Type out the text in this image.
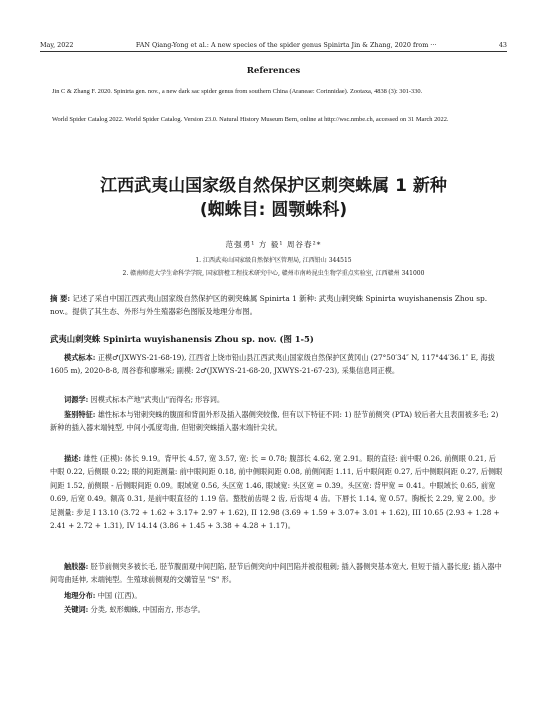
May, 2022	FAN Qiang-Yong et al.: A new species of the spider genus Spinirta Jin & Zhang, 2020 from ···	43
References
Jin C & Zhang F. 2020. Spinirta gen. nov., a new dark sac spider genus from southern China (Araneae: Corinnidae). Zootaxa, 4838 (3): 301-330.
World Spider Catalog 2022. World Spider Catalog. Version 23.0. Natural History Museum Bern, online at http://wsc.nmbe.ch, accessed on 31 March 2022.
江西武夷山国家级自然保护区刺突蛛属 1 新种
(蜘蛛目: 圆颚蛛科)
范强勇¹ 方 毅¹ 周谷春²*
1. 江西武夷山国家级自然保护区管理局, 江西铅山 344515
2. 赣南师范大学生命科学学院, 国家脐橙工程技术研究中心, 赣州市南岭昆虫生物学重点实验室, 江西赣州 341000
摘 要: 记述了采自中国江西武夷山国家级自然保护区的刺突蛛属 Spinirta 1 新种: 武夷山刺突蛛 Spinirta wuyishanensis Zhou sp. nov.。提供了其生态、外形与外生殖器彩色图版及地理分布图。
武夷山刺突蛛 Spinirta wuyishanensis Zhou sp. nov. (图 1-5)

模式标本: 正模♂(JXWYS-21-68-19), 江西省上饶市铅山县江西武夷山国家级自然保护区黄冈山 (27°50′34″ N, 117°44′36.1″ E, 海拔 1605 m), 2020-8-8, 周谷春和廖琳采; 副模: 2♂(JXWYS-21-68-20, JXWYS-21-67-23), 采集信息同正模。

词源学: 因模式标本产地"武夷山"而得名; 形容词。

鉴别特征: 雄性标本与钳刺突蛛的腹面和背面外形及插入器侧突较像, 但有以下特征不同: 1) 胫节前侧突 (PTA) 较后者大且表面被多毛; 2) 新种的插入器末端钝型, 中间小弧度弯曲, 但钳刺突蛛插入器末端针尖状。

描述: 雄性 (正模): 体长 9.19。背甲长 4.57, 宽 3.57, 宽: 长 = 0.78; 腹部长 4.62, 宽 2.91。眼的直径: 前中眼 0.26, 前侧眼 0.21, 后中眼 0.22, 后侧眼 0.22; 眼的间距测量: 前中眼间距 0.18, 前中侧眼间距 0.08, 前侧间距 1.11, 后中眼间距 0.27, 后中侧眼间距 0.27, 后侧眼间距 1.52, 前侧眼 - 后侧眼间距 0.09。眼域宽 0.56, 头区宽 1.46, 眼域宽: 头区宽 = 0.39。头区宽: 背甲宽 = 0.41。中眼域长 0.65, 前宽 0.69, 后宽 0.49。额高 0.31, 是前中眼直径的 1.19 倍。螯肢前齿堤 2 齿, 后齿堤 4 齿。下唇长 1.14, 宽 0.57。胸板长 2.29, 宽 2.00。步足测量: 步足 I 13.10 (3.72 + 1.62 + 3.17+ 2.97 + 1.62), II 12.98 (3.69 + 1.59 + 3.07+ 3.01 + 1.62), III 10.65 (2.93 + 1.28 + 2.41 + 2.72 + 1.31), IV 14.14 (3.86 + 1.45 + 3.38 + 4.28 + 1.17)。

触肢器: 胫节前侧突多被长毛, 胫节腹面观中间凹陷, 胫节后侧突向中间凹陷并被很粗刺; 插入器侧突基本宽大, 但短于插入器长度; 插入器中间弯曲延伸, 末端钝型。生殖球前侧观的交媾管呈 "S" 形。

地理分布: 中国 (江西)。

关键词: 分类, 蚁形蜘蛛, 中国南方, 形态学。
